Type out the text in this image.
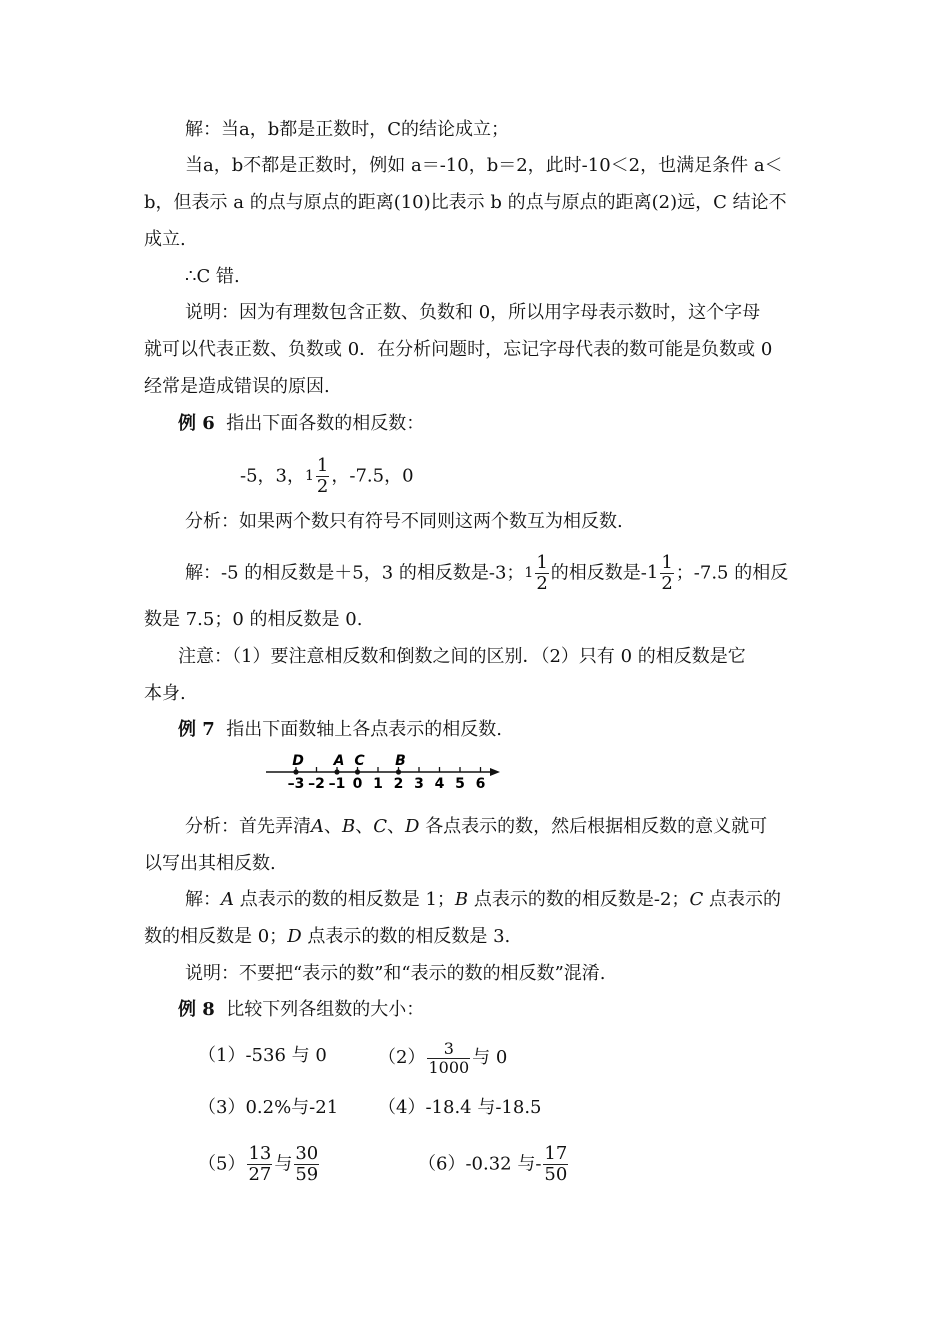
解：当a，b都是正数时，C的结论成立；
当a，b不都是正数时，例如 a＝-10，b＝2，此时-10＜2，也满足条件 a＜
b，但表示 a 的点与原点的距离(10)比表示 b 的点与原点的距离(2)远，C 结论不
成立.
∴C 错.
说明：因为有理数包含正数、负数和 0，所以用字母表示数时，这个字母
就可以代表正数、负数或 0．在分析问题时，忘记字母代表的数可能是负数或 0
经常是造成错误的原因.
例 6 指出下面各数的相反数：
-5，3， $1 \frac{1}{2}$ ，-7.5，0
分析：如果两个数只有符号不同则这两个数互为相反数.
解：-5 的相反数是＋5，3 的相反数是-3； $1 \frac{1}{2}$ 的相反数是- $1 \frac{1}{2}$ ；-7.5 的相反
数是 7.5；0 的相反数是 0.
注意：（1）要注意相反数和倒数之间的区别．（2）只有 0 的相反数是它
本身.
例 7 指出下面数轴上各点表示的相反数.
–3 –2 –1 0 1 2 3 4 5 6
D A C B
分析：首先弄清A、B、C、D 各点表示的数，然后根据相反数的意义就可
以写出其相反数.
解：A 点表示的数的相反数是 1；B 点表示的数的相反数是-2；C 点表示的
数的相反数是 0；D 点表示的数的相反数是 3.
说明：不要把“表示的数”和“表示的数的相反数”混淆.
例 8 比较下列各组数的大小：
（1）-536 与 0	$(2) \frac{3}{1000}$ 与 0
（3）0.2%与-21 （4）-18.4 与-18.5
$(5) \frac{13}{27}$ 与 $\frac{30}{59}$	（6）-0.32 与- $\frac{17}{50}$
